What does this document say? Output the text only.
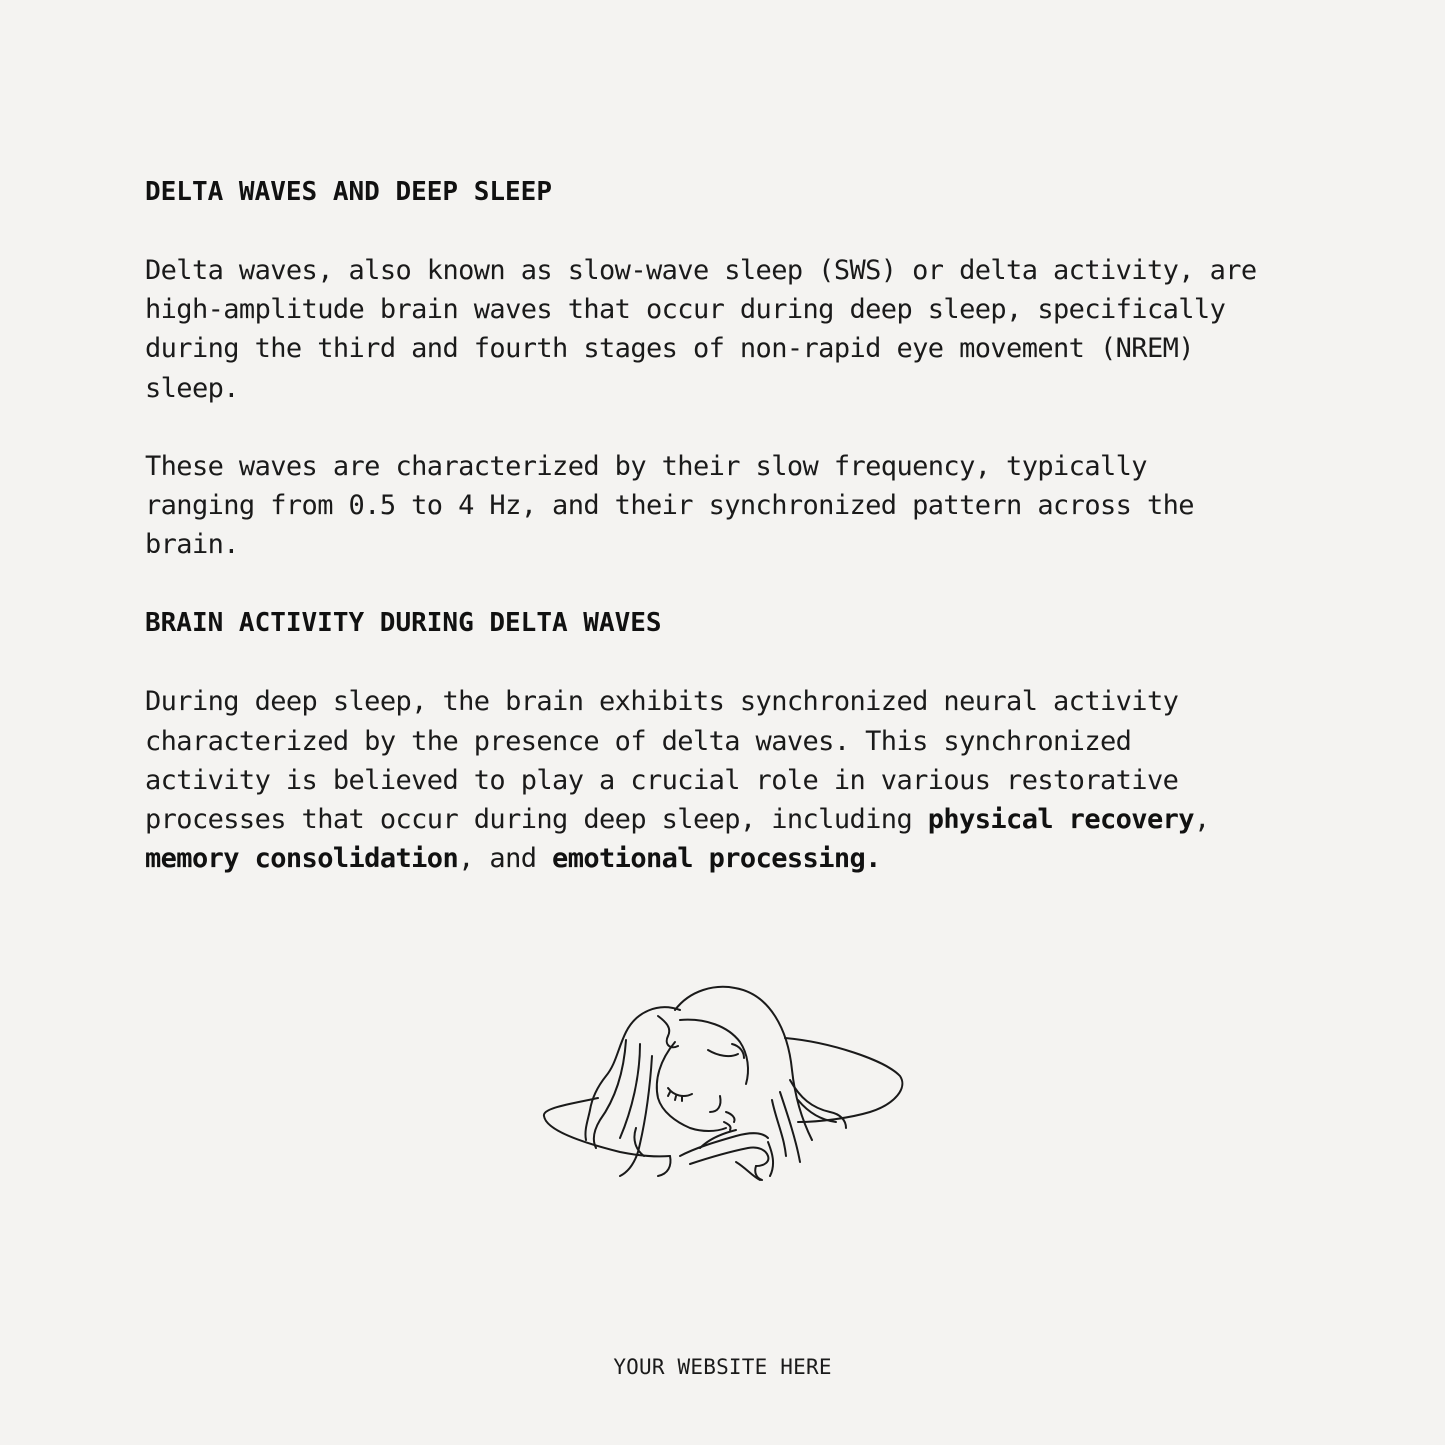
DELTA WAVES AND DEEP SLEEP

Delta waves, also known as slow-wave sleep (SWS) or delta activity, are high-amplitude brain waves that occur during deep sleep, specifically during the third and fourth stages of non-rapid eye movement (NREM) sleep.

These waves are characterized by their slow frequency, typically ranging from 0.5 to 4 Hz, and their synchronized pattern across the brain.

BRAIN ACTIVITY DURING DELTA WAVES

During deep sleep, the brain exhibits synchronized neural activity characterized by the presence of delta waves. This synchronized activity is believed to play a crucial role in various restorative processes that occur during deep sleep, including physical recovery, memory consolidation, and emotional processing.

YOUR WEBSITE HERE
